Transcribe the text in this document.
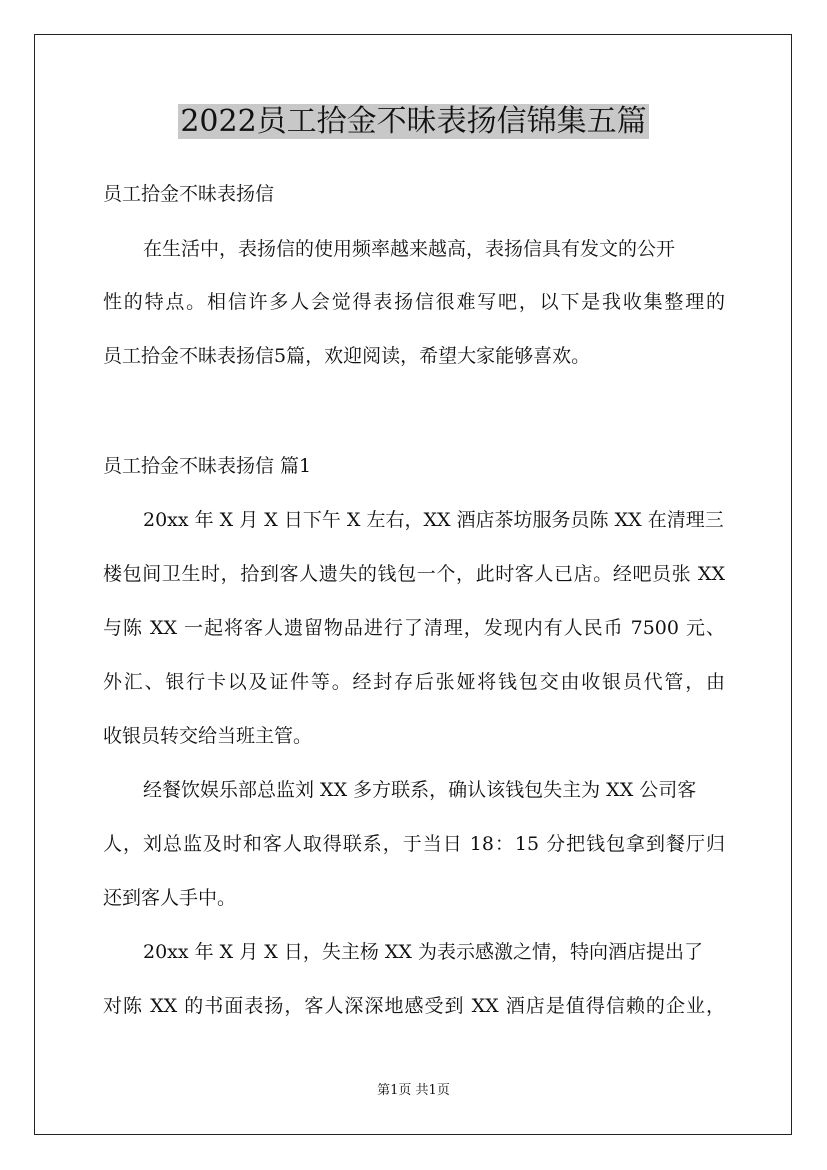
2022员工拾金不昧表扬信锦集五篇

员工拾金不昧表扬信

在生活中，表扬信的使用频率越来越高，表扬信具有发文的公开

性的特点。相信许多人会觉得表扬信很难写吧，以下是我收集整理的

员工拾金不昧表扬信5篇，欢迎阅读，希望大家能够喜欢。

员工拾金不昧表扬信 篇1

20xx 年 X 月 X 日下午 X 左右，XX 酒店茶坊服务员陈 XX 在清理三

楼包间卫生时，拾到客人遗失的钱包一个，此时客人已店。经吧员张 XX

与陈 XX 一起将客人遗留物品进行了清理，发现内有人民币 7500 元、

外汇、银行卡以及证件等。经封存后张娅将钱包交由收银员代管，由

收银员转交给当班主管。

经餐饮娱乐部总监刘 XX 多方联系，确认该钱包失主为 XX 公司客

人，刘总监及时和客人取得联系，于当日 18：15 分把钱包拿到餐厅归

还到客人手中。

20xx 年 X 月 X 日，失主杨 XX 为表示感激之情，特向酒店提出了

对陈 XX 的书面表扬，客人深深地感受到 XX 酒店是值得信赖的企业，

第1页 共1页
